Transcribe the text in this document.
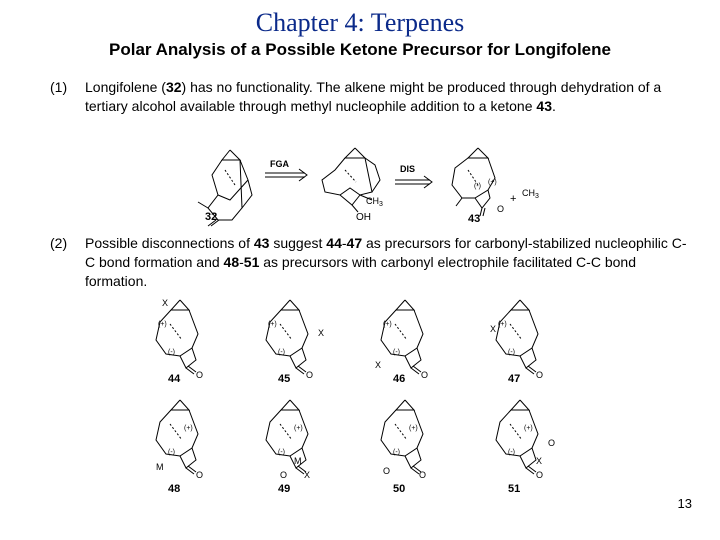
Chapter 4: Terpenes
Polar Analysis of a Possible Ketone Precursor for Longifolene
(1) Longifolene (32) has no functionality. The alkene might be produced through dehydration of a tertiary alcohol available through methyl nucleophile addition to a ketone 43.
32
FGA
$CH_3$
OH
DIS
O
(-)
(+)
43
+ $CH_3$
(2) Possible disconnections of 43 suggest 44-47 as precursors for carbonyl-stabilized nucleophilic C-C bond formation and 48-51 as precursors with carbonyl electrophile facilitated C-C bond formation.
O
(-)
(+)
X
44	O
(-)
(+)
X
45	O
(-)
(+)
X
46	O
(-)
(+)
X
47
(-)
(+)
M
O
48
(-)
(+)
M
O X
49
(-)
(+)
O	O
50
(-)
(+)
O
X
O
51
13
